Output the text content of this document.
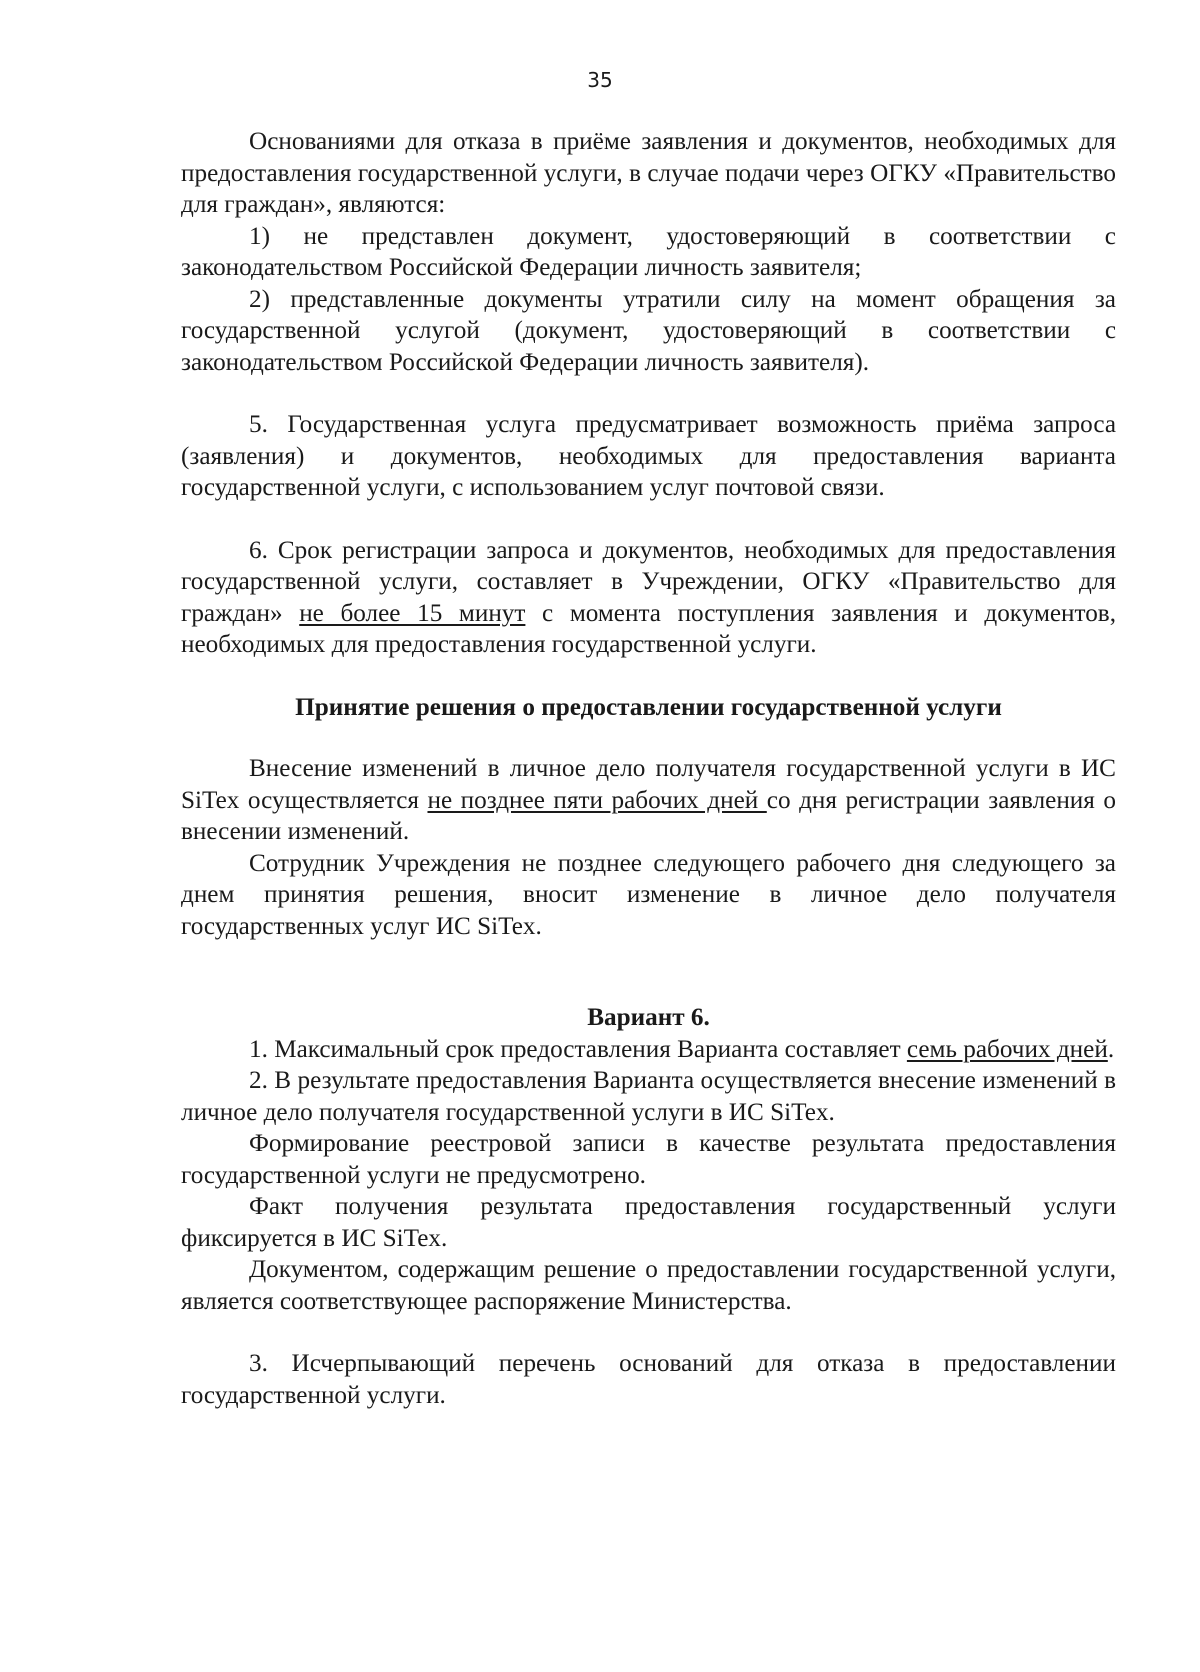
35

Основаниями для отказа в приёме заявления и документов, необходимых для предоставления государственной услуги, в случае подачи через ОГКУ «Правительство для граждан», являются:

1) не представлен документ, удостоверяющий в соответствии с законодательством Российской Федерации личность заявителя;

2) представленные документы утратили силу на момент обращения за государственной услугой (документ, удостоверяющий в соответствии с законодательством Российской Федерации личность заявителя).

5. Государственная услуга предусматривает возможность приёма запроса (заявления) и документов, необходимых для предоставления варианта государственной услуги, с использованием услуг почтовой связи.

6. Срок регистрации запроса и документов, необходимых для предоставления государственной услуги, составляет в Учреждении, ОГКУ «Правительство для граждан» не более 15 минут с момента поступления заявления и документов, необходимых для предоставления государственной услуги.

Принятие решения о предоставлении государственной услуги

Внесение изменений в личное дело получателя государственной услуги в ИС SiTex осуществляется не позднее пяти рабочих дней со дня регистрации заявления о внесении изменений.

Сотрудник Учреждения не позднее следующего рабочего дня следующего за днем принятия решения, вносит изменение в личное дело получателя государственных услуг ИС SiTex.

Вариант 6.

1. Максимальный срок предоставления Варианта составляет семь рабочих дней.

2. В результате предоставления Варианта осуществляется внесение изменений в личное дело получателя государственной услуги в ИС SiTex.

Формирование реестровой записи в качестве результата предоставления государственной услуги не предусмотрено.

Факт получения результата предоставления государственный услуги фиксируется в ИС SiTex.

Документом, содержащим решение о предоставлении государственной услуги, является соответствующее распоряжение Министерства.

3. Исчерпывающий перечень оснований для отказа в предоставлении государственной услуги.
